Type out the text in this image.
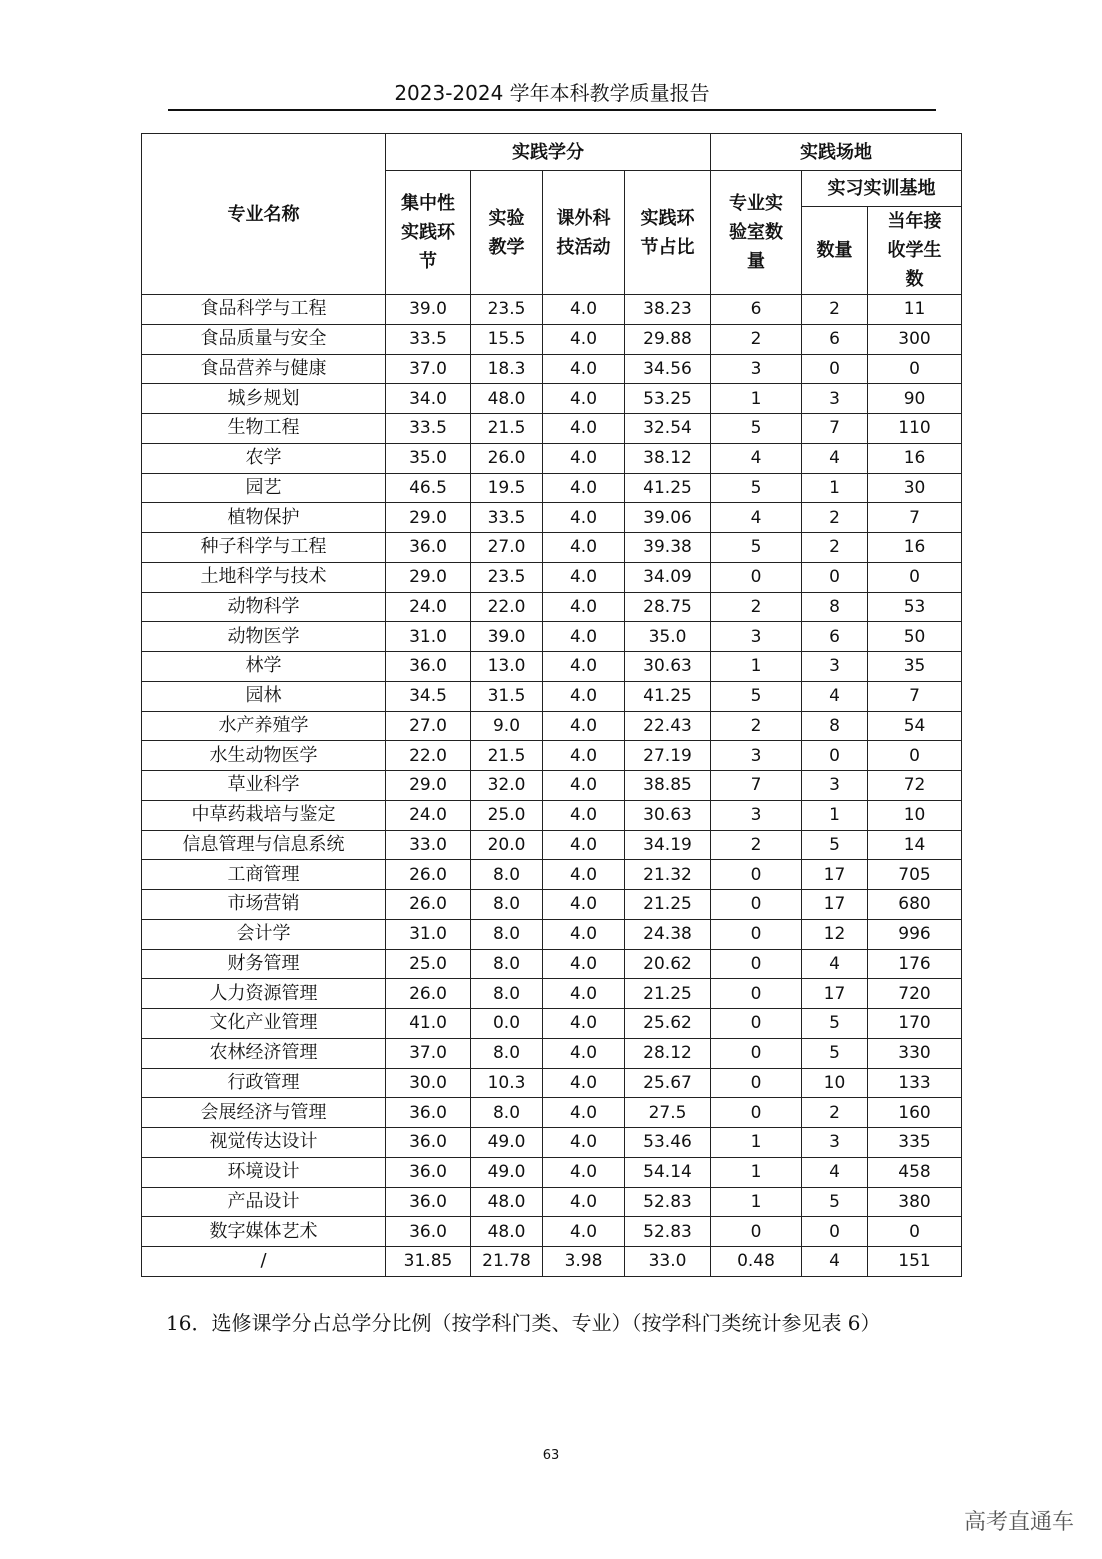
2023-2024 学年本科教学质量报告
专业名称	实践学分				实践场地		

	集中性实践环节	实验教学	课外科技活动	实践环节占比	专业实验室数量	实习实训基地	
						数量	当年接收学生数

食品科学与工程	39.0	23.5	4.0	38.23	6	2	11
食品质量与安全	33.5	15.5	4.0	29.88	2	6	300
食品营养与健康	37.0	18.3	4.0	34.56	3	0	0
城乡规划	34.0	48.0	4.0	53.25	1	3	90
生物工程	33.5	21.5	4.0	32.54	5	7	110
农学	35.0	26.0	4.0	38.12	4	4	16
园艺	46.5	19.5	4.0	41.25	5	1	30
植物保护	29.0	33.5	4.0	39.06	4	2	7
种子科学与工程	36.0	27.0	4.0	39.38	5	2	16
土地科学与技术	29.0	23.5	4.0	34.09	0	0	0
动物科学	24.0	22.0	4.0	28.75	2	8	53
动物医学	31.0	39.0	4.0	35.0	3	6	50
林学	36.0	13.0	4.0	30.63	1	3	35
园林	34.5	31.5	4.0	41.25	5	4	7
水产养殖学	27.0	9.0	4.0	22.43	2	8	54
水生动物医学	22.0	21.5	4.0	27.19	3	0	0
草业科学	29.0	32.0	4.0	38.85	7	3	72
中草药栽培与鉴定	24.0	25.0	4.0	30.63	3	1	10
信息管理与信息系统	33.0	20.0	4.0	34.19	2	5	14
工商管理	26.0	8.0	4.0	21.32	0	17	705
市场营销	26.0	8.0	4.0	21.25	0	17	680
会计学	31.0	8.0	4.0	24.38	0	12	996
财务管理	25.0	8.0	4.0	20.62	0	4	176
人力资源管理	26.0	8.0	4.0	21.25	0	17	720
文化产业管理	41.0	0.0	4.0	25.62	0	5	170
农林经济管理	37.0	8.0	4.0	28.12	0	5	330
行政管理	30.0	10.3	4.0	25.67	0	10	133
会展经济与管理	36.0	8.0	4.0	27.5	0	2	160
视觉传达设计	36.0	49.0	4.0	53.46	1	3	335
环境设计	36.0	49.0	4.0	54.14	1	4	458
产品设计	36.0	48.0	4.0	52.83	1	5	380
数字媒体艺术	36.0	48.0	4.0	52.83	0	0	0
/	31.85	21.78	3.98	33.0	0.48	4	151
16．选修课学分占总学分比例（按学科门类、专业）（按学科门类统计参见表 6）
63
高考直通车
